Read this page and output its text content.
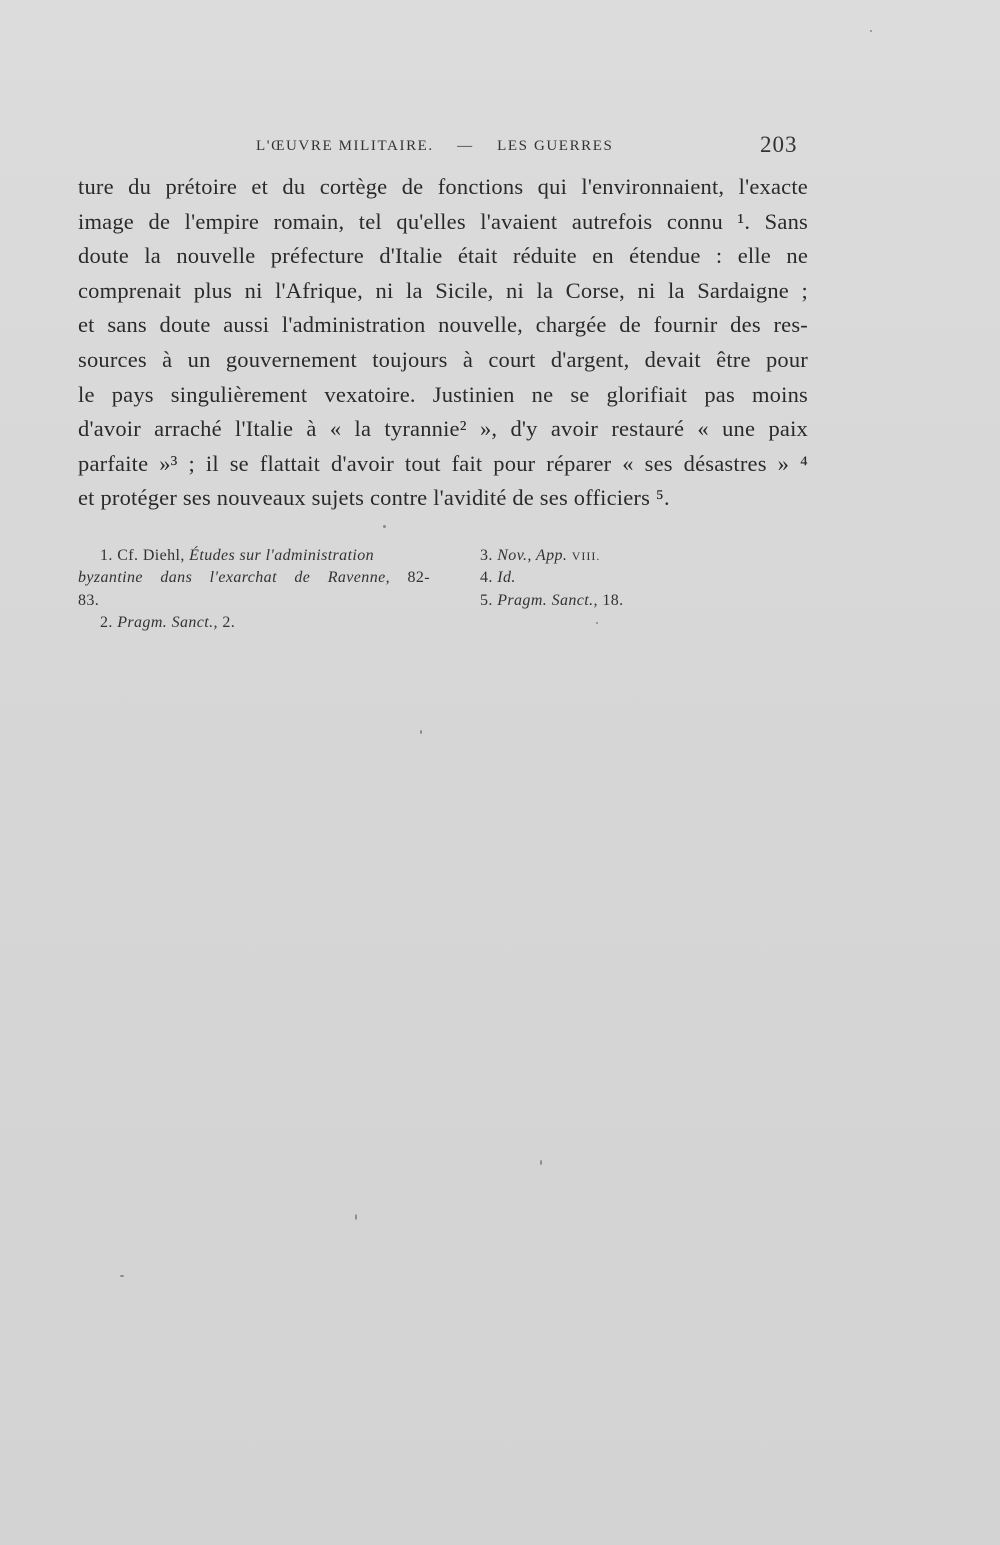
L'ŒUVRE MILITAIRE. — LES GUERRES	203
ture du prétoire et du cortège de fonctions qui l'environnaient, l'exacte
image de l'empire romain, tel qu'elles l'avaient autrefois connu ¹. Sans
doute la nouvelle préfecture d'Italie était réduite en étendue : elle ne
comprenait plus ni l'Afrique, ni la Sicile, ni la Corse, ni la Sardaigne ;
et sans doute aussi l'administration nouvelle, chargée de fournir des res-
sources à un gouvernement toujours à court d'argent, devait être pour
le pays singulièrement vexatoire. Justinien ne se glorifiait pas moins
d'avoir arraché l'Italie à « la tyrannie² », d'y avoir restauré « une paix
parfaite »³ ; il se flattait d'avoir tout fait pour réparer « ses désastres » ⁴
et protéger ses nouveaux sujets contre l'avidité de ses officiers ⁵.
1. Cf. Diehl, Études sur l'administration
byzantine dans l'exarchat de Ravenne, 82-
83.
2. Pragm. Sanct., 2.
3. Nov., App. VIII.
4. Id.
5. Pragm. Sanct., 18.
